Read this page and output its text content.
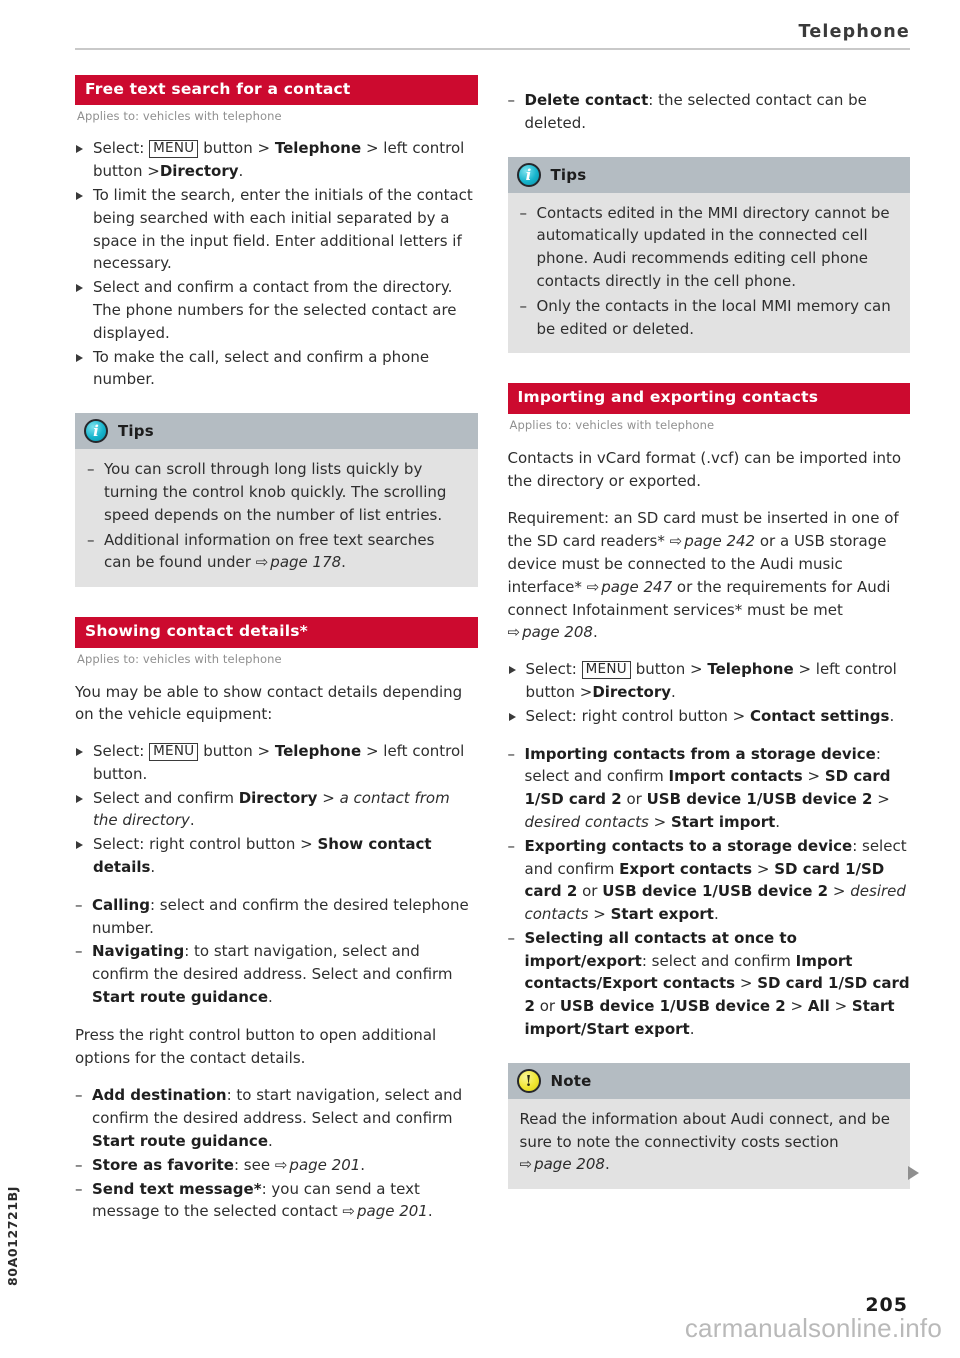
Telephone
Free text search for a contact
Applies to: vehicles with telephone
Select: MENU button > Telephone > left control button >Directory.
To limit the search, enter the initials of the contact being searched with each initial separated by a space in the input field. Enter additional letters if necessary.
Select and confirm a contact from the directory. The phone numbers for the selected contact are displayed.
To make the call, select and confirm a phone number.
i	Tips
– You can scroll through long lists quickly by turning the control knob quickly. The scrolling speed depends on the number of list entries.
– Additional information on free text searches can be found under ⇨ page 178.
Showing contact details*
Applies to: vehicles with telephone
You may be able to show contact details depending on the vehicle equipment:
Select: MENU button > Telephone > left control button.
Select and confirm Directory > a contact from the directory.
Select: right control button > Show contact details.
– Calling: select and confirm the desired telephone number.
– Navigating: to start navigation, select and confirm the desired address. Select and confirm Start route guidance.
Press the right control button to open additional options for the contact details.
– Add destination: to start navigation, select and confirm the desired address. Select and confirm Start route guidance.
– Store as favorite: see ⇨ page 201.
– Send text message*: you can send a text message to the selected contact ⇨ page 201.
– Delete contact: the selected contact can be deleted.
i	Tips
– Contacts edited in the MMI directory cannot be automatically updated in the connected cell phone. Audi recommends editing cell phone contacts directly in the cell phone.
– Only the contacts in the local MMI memory can be edited or deleted.
Importing and exporting contacts
Applies to: vehicles with telephone
Contacts in vCard format (.vcf) can be imported into the directory or exported.
Requirement: an SD card must be inserted in one of the SD card readers* ⇨ page 242 or a USB storage device must be connected to the Audi music interface* ⇨ page 247 or the requirements for Audi connect Infotainment services* must be met ⇨ page 208.
Select: MENU button > Telephone > left control button >Directory.
Select: right control button > Contact settings.
– Importing contacts from a storage device: select and confirm Import contacts > SD card 1/SD card 2 or USB device 1/USB device 2 > desired contacts > Start import.
– Exporting contacts to a storage device: select and confirm Export contacts > SD card 1/SD card 2 or USB device 1/USB device 2 > desired contacts > Start export.
– Selecting all contacts at once to import/export: select and confirm Import contacts/Export contacts > SD card 1/SD card 2 or USB device 1/USB device 2 > All > Start import/Start export.
!	Note
Read the information about Audi connect, and be sure to note the connectivity costs section ⇨ page 208.
80A012721BJ
205
carmanualsonline.info
